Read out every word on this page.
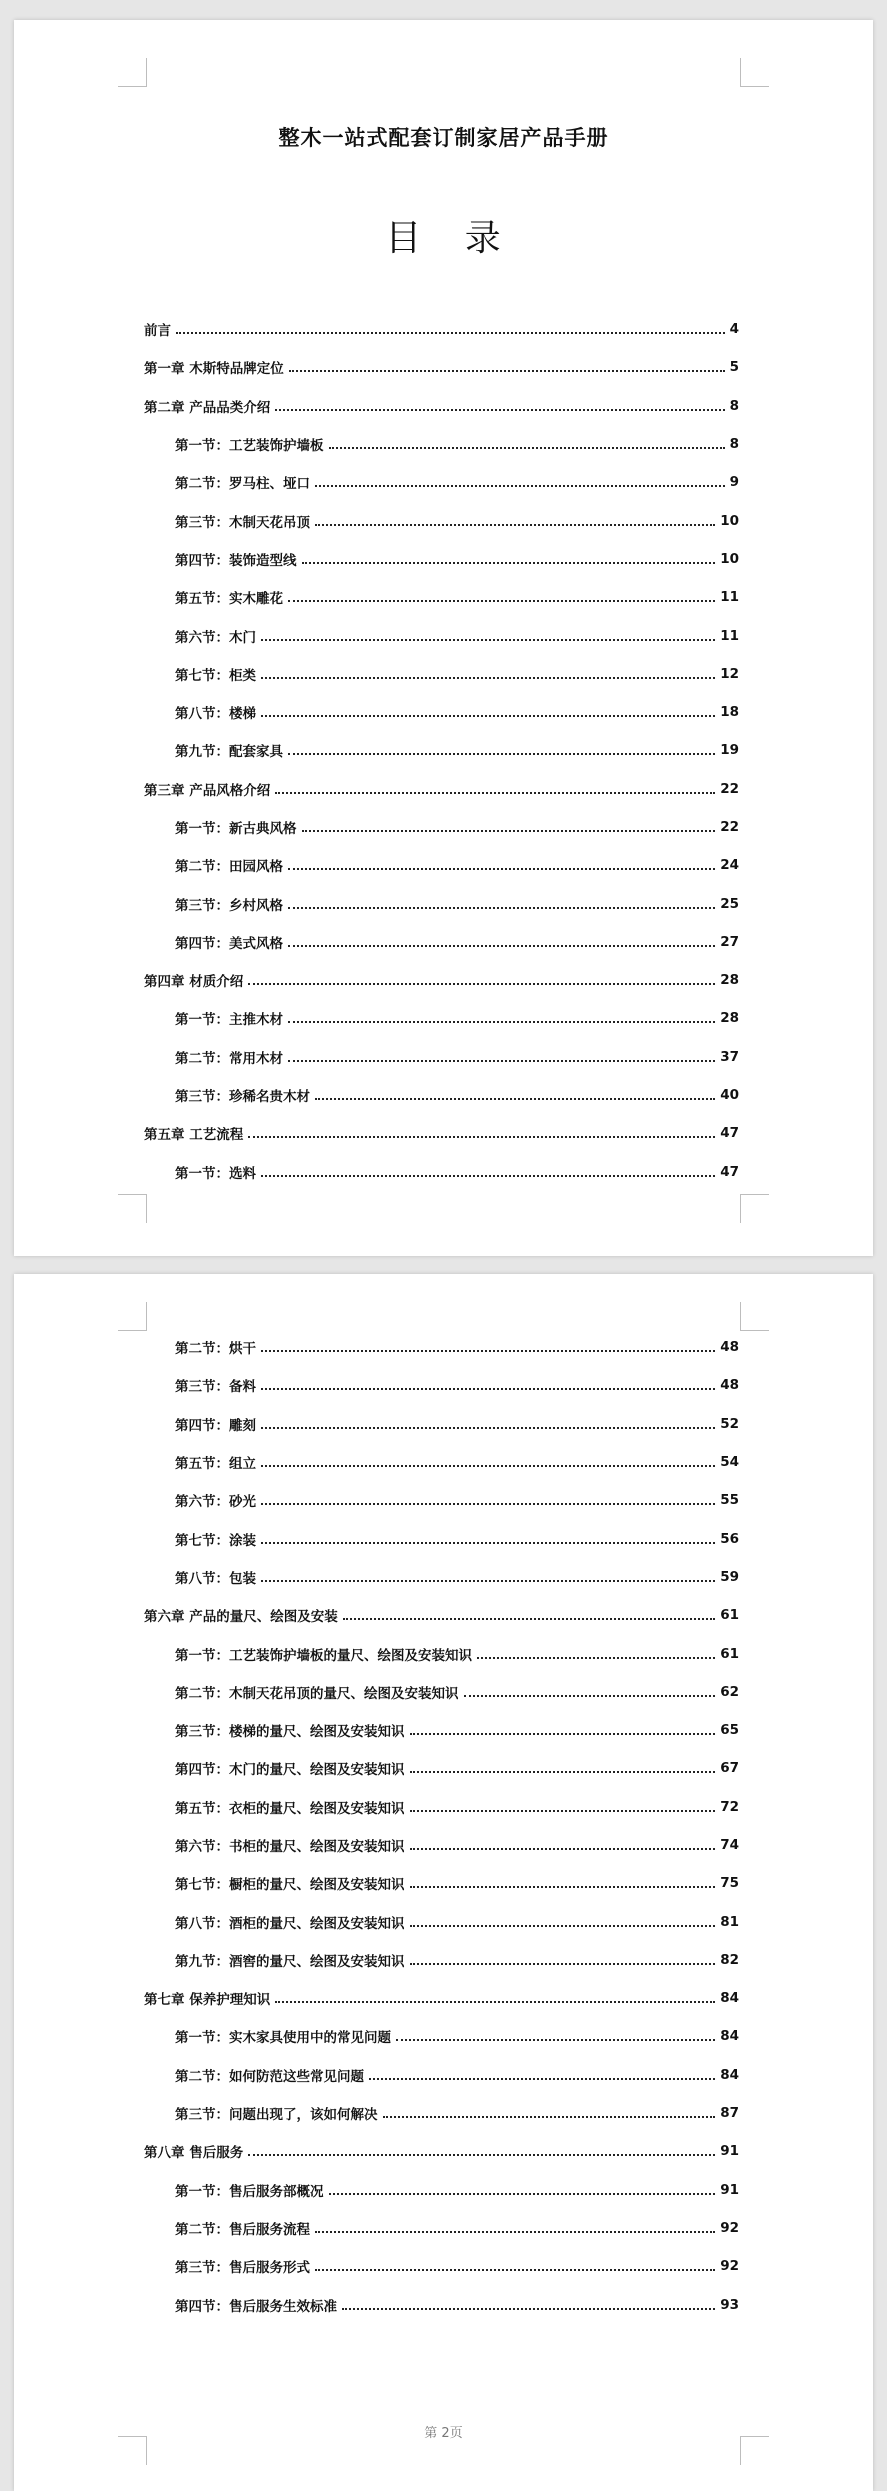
整木一站式配套订制家居产品手册
目 录
前言	4
第一章 木斯特品牌定位	5
第二章 产品品类介绍	8
第一节：工艺装饰护墙板	8
第二节：罗马柱、垭口	9
第三节：木制天花吊顶	10
第四节：装饰造型线	10
第五节：实木雕花	11
第六节：木门	11
第七节：柜类	12
第八节：楼梯	18
第九节：配套家具	19
第三章 产品风格介绍	22
第一节：新古典风格	22
第二节：田园风格	24
第三节：乡村风格	25
第四节：美式风格	27
第四章 材质介绍	28
第一节：主推木材	28
第二节：常用木材	37
第三节：珍稀名贵木材	40
第五章 工艺流程	47
第一节：选料	47
第二节：烘干	48
第三节：备料	48
第四节：雕刻	52
第五节：组立	54
第六节：砂光	55
第七节：涂装	56
第八节：包装	59
第六章 产品的量尺、绘图及安装	61
第一节：工艺装饰护墙板的量尺、绘图及安装知识	61
第二节：木制天花吊顶的量尺、绘图及安装知识	62
第三节：楼梯的量尺、绘图及安装知识	65
第四节：木门的量尺、绘图及安装知识	67
第五节：衣柜的量尺、绘图及安装知识	72
第六节：书柜的量尺、绘图及安装知识	74
第七节：橱柜的量尺、绘图及安装知识	75
第八节：酒柜的量尺、绘图及安装知识	81
第九节：酒窖的量尺、绘图及安装知识	82
第七章 保养护理知识	84
第一节：实木家具使用中的常见问题	84
第二节：如何防范这些常见问题	84
第三节：问题出现了，该如何解决	87
第八章 售后服务	91
第一节：售后服务部概况	91
第二节：售后服务流程	92
第三节：售后服务形式	92
第四节：售后服务生效标准	93
第 2页
